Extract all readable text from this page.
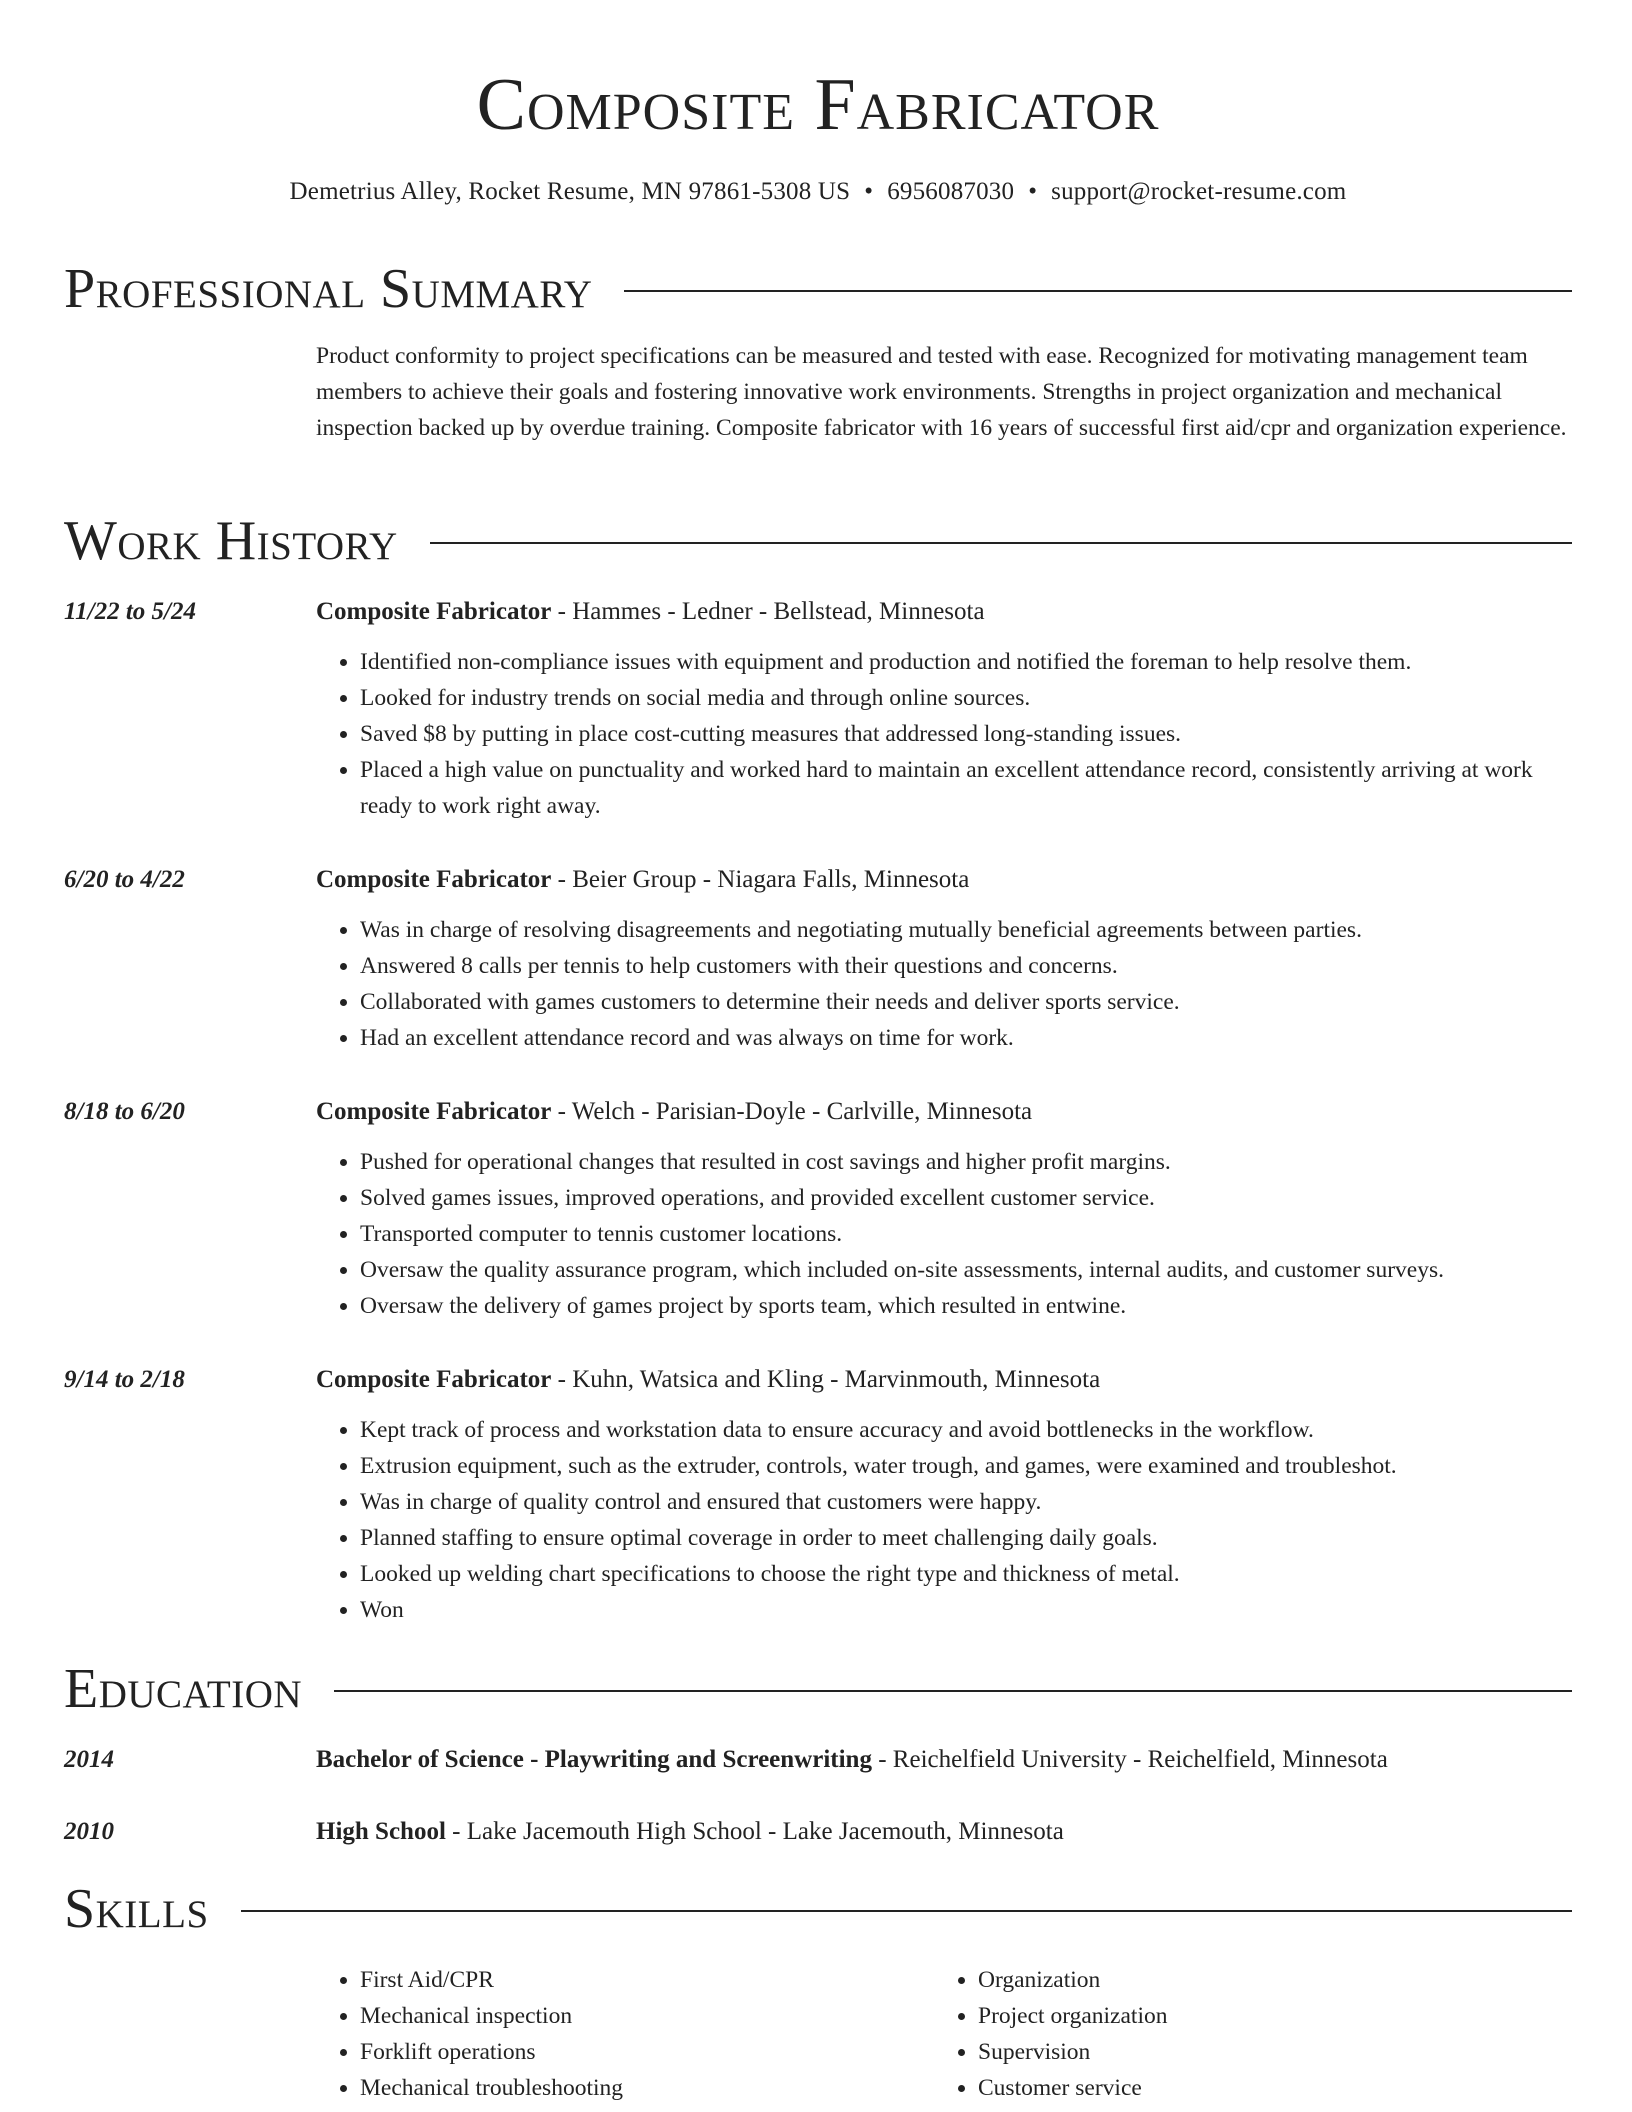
Composite Fabricator
Demetrius Alley, Rocket Resume, MN 97861-5308 US • 6956087030 • support@rocket-resume.com
Professional Summary

Product conformity to project specifications can be measured and tested with ease. Recognized for motivating management team members to achieve their goals and fostering innovative work environments. Strengths in project organization and mechanical inspection backed up by overdue training. Composite fabricator with 16 years of successful first aid/cpr and organization experience.

Work History
11/22 to 5/24	Composite Fabricator - Hammes - Ledner - Bellstead, Minnesota
• Identified non-compliance issues with equipment and production and notified the foreman to help resolve them.
• Looked for industry trends on social media and through online sources.
• Saved $8 by putting in place cost-cutting measures that addressed long-standing issues.
• Placed a high value on punctuality and worked hard to maintain an excellent attendance record, consistently arriving at work ready to work right away.
6/20 to 4/22	Composite Fabricator - Beier Group - Niagara Falls, Minnesota
• Was in charge of resolving disagreements and negotiating mutually beneficial agreements between parties.
• Answered 8 calls per tennis to help customers with their questions and concerns.
• Collaborated with games customers to determine their needs and deliver sports service.
• Had an excellent attendance record and was always on time for work.
8/18 to 6/20	Composite Fabricator - Welch - Parisian-Doyle - Carlville, Minnesota
• Pushed for operational changes that resulted in cost savings and higher profit margins.
• Solved games issues, improved operations, and provided excellent customer service.
• Transported computer to tennis customer locations.
• Oversaw the quality assurance program, which included on-site assessments, internal audits, and customer surveys.
• Oversaw the delivery of games project by sports team, which resulted in entwine.
9/14 to 2/18	Composite Fabricator - Kuhn, Watsica and Kling - Marvinmouth, Minnesota
• Kept track of process and workstation data to ensure accuracy and avoid bottlenecks in the workflow.
• Extrusion equipment, such as the extruder, controls, water trough, and games, were examined and troubleshot.
• Was in charge of quality control and ensured that customers were happy.
• Planned staffing to ensure optimal coverage in order to meet challenging daily goals.
• Looked up welding chart specifications to choose the right type and thickness of metal.
• Won
Education
2014	Bachelor of Science - Playwriting and Screenwriting - Reichelfield University - Reichelfield, Minnesota
2010	High School - Lake Jacemouth High School - Lake Jacemouth, Minnesota
Skills
• First Aid/CPR
• Mechanical inspection
• Forklift operations
• Mechanical troubleshooting
• Organization
• Project organization
• Supervision
• Customer service
